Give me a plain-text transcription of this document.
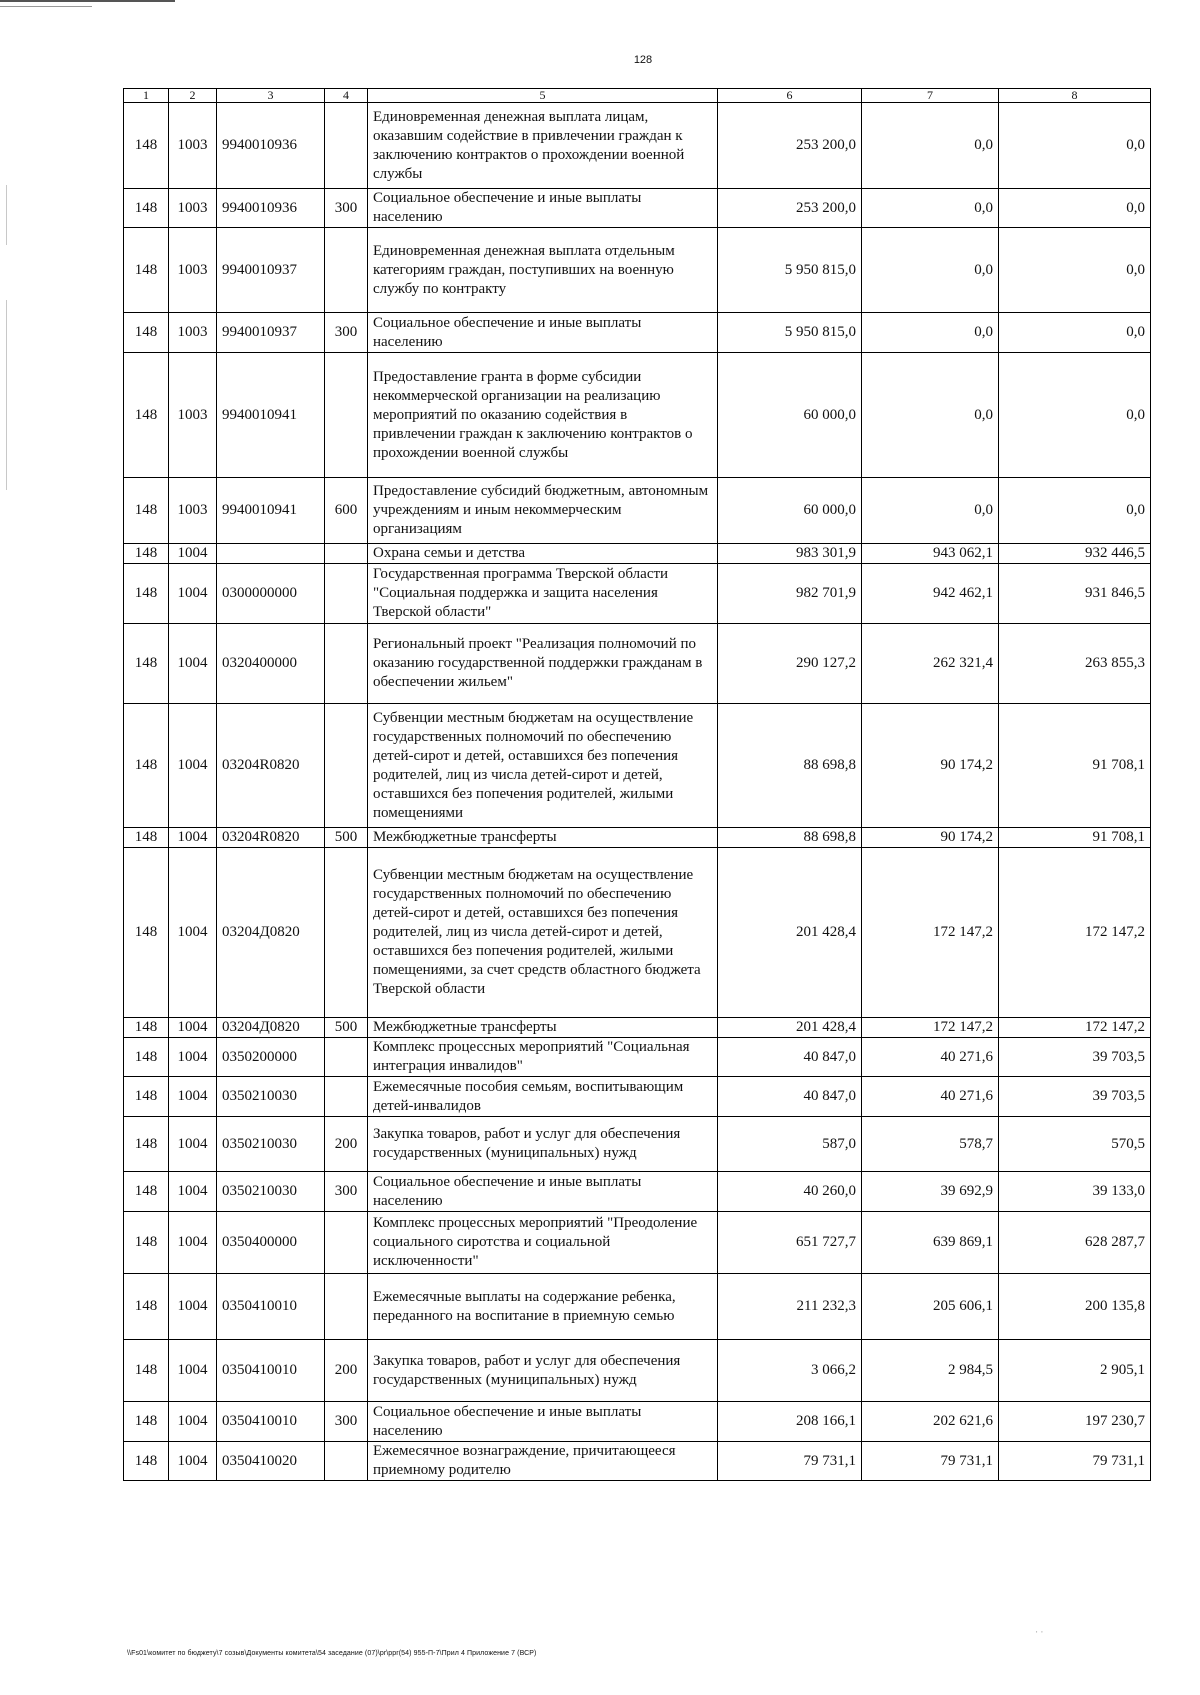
128
1	2	3	4	5	6	7	8
148	1003	9940010936		Единовременная денежная выплата лицам, оказавшим содействие в привлечении граждан к заключению контрактов о прохождении военной службы	253 200,0	0,0	0,0
148	1003	9940010936	300	Социальное обеспечение и иные выплаты населению	253 200,0	0,0	0,0
148	1003	9940010937		Единовременная денежная выплата отдельным категориям граждан, поступивших на военную службу по контракту	5 950 815,0	0,0	0,0
148	1003	9940010937	300	Социальное обеспечение и иные выплаты населению	5 950 815,0	0,0	0,0
148	1003	9940010941		Предоставление гранта в форме субсидии некоммерческой организации на реализацию мероприятий по оказанию содействия в привлечении граждан к заключению контрактов о прохождении военной службы	60 000,0	0,0	0,0
148	1003	9940010941	600	Предоставление субсидий бюджетным, автономным учреждениям и иным некоммерческим организациям	60 000,0	0,0	0,0
148	1004			Охрана семьи и детства	983 301,9	943 062,1	932 446,5
148	1004	0300000000		Государственная программа Тверской области "Социальная поддержка и защита населения Тверской области"	982 701,9	942 462,1	931 846,5
148	1004	0320400000		Региональный проект "Реализация полномочий по оказанию государственной поддержки гражданам в обеспечении жильем"	290 127,2	262 321,4	263 855,3
148	1004	03204R0820		Субвенции местным бюджетам на осуществление государственных полномочий по обеспечению детей-сирот и детей, оставшихся без попечения родителей, лиц из числа детей-сирот и детей, оставшихся без попечения родителей, жилыми помещениями	88 698,8	90 174,2	91 708,1
148	1004	03204R0820	500	Межбюджетные трансферты	88 698,8	90 174,2	91 708,1
148	1004	03204Д0820		Субвенции местным бюджетам на осуществление государственных полномочий по обеспечению детей-сирот и детей, оставшихся без попечения родителей, лиц из числа детей-сирот и детей, оставшихся без попечения родителей, жилыми помещениями, за счет средств областного бюджета Тверской области	201 428,4	172 147,2	172 147,2
148	1004	03204Д0820	500	Межбюджетные трансферты	201 428,4	172 147,2	172 147,2
148	1004	0350200000		Комплекс процессных мероприятий "Социальная интеграция инвалидов"	40 847,0	40 271,6	39 703,5
148	1004	0350210030		Ежемесячные пособия семьям, воспитывающим детей-инвалидов	40 847,0	40 271,6	39 703,5
148	1004	0350210030	200	Закупка товаров, работ и услуг для обеспечения государственных (муниципальных) нужд	587,0	578,7	570,5
148	1004	0350210030	300	Социальное обеспечение и иные выплаты населению	40 260,0	39 692,9	39 133,0
148	1004	0350400000		Комплекс процессных мероприятий "Преодоление социального сиротства и социальной исключенности"	651 727,7	639 869,1	628 287,7
148	1004	0350410010		Ежемесячные выплаты на содержание ребенка, переданного на воспитание в приемную семью	211 232,3	205 606,1	200 135,8
148	1004	0350410010	200	Закупка товаров, работ и услуг для обеспечения государственных (муниципальных) нужд	3 066,2	2 984,5	2 905,1
148	1004	0350410010	300	Социальное обеспечение и иные выплаты населению	208 166,1	202 621,6	197 230,7
148	1004	0350410020		Ежемесячное вознаграждение, причитающееся приемному родителю	79 731,1	79 731,1	79 731,1
⋅ ⋅
\\Fs01\комитет по бюджету\7 созыв\Документы комитета\54 заседание (07)\pr\ppr(54) 955-П-7\Прил 4 Приложение 7 (ВСР)
